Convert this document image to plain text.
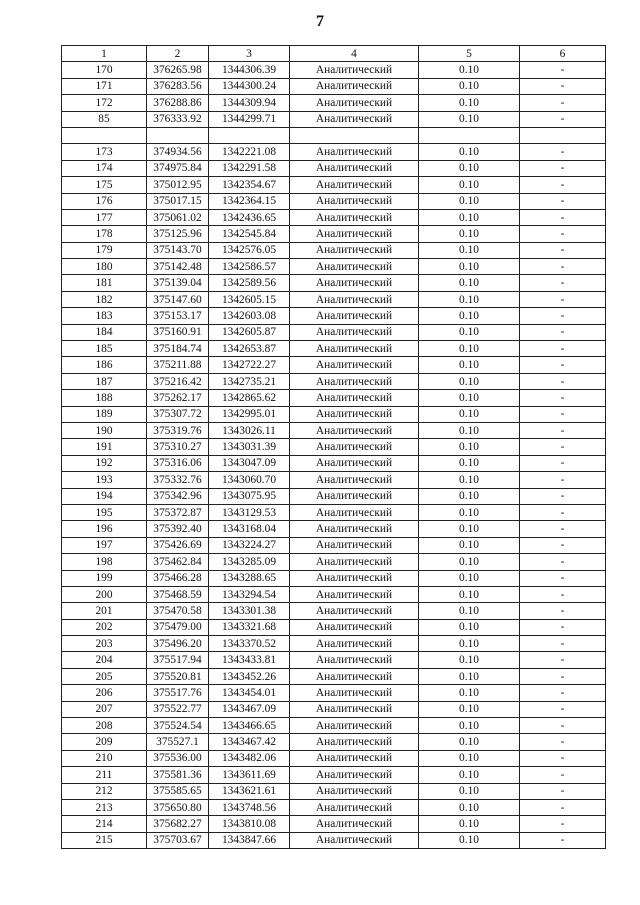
7
1	2	3	4	5	6
170	376265.98	1344306.39	Аналитический	0.10	-
171	376283.56	1344300.24	Аналитический	0.10	-
172	376288.86	1344309.94	Аналитический	0.10	-
85	376333.92	1344299.71	Аналитический	0.10	-

173	374934.56	1342221.08	Аналитический	0.10	-
174	374975.84	1342291.58	Аналитический	0.10	-
175	375012.95	1342354.67	Аналитический	0.10	-
176	375017.15	1342364.15	Аналитический	0.10	-
177	375061.02	1342436.65	Аналитический	0.10	-
178	375125.96	1342545.84	Аналитический	0.10	-
179	375143.70	1342576.05	Аналитический	0.10	-
180	375142.48	1342586.57	Аналитический	0.10	-
181	375139.04	1342589.56	Аналитический	0.10	-
182	375147.60	1342605.15	Аналитический	0.10	-
183	375153.17	1342603.08	Аналитический	0.10	-
184	375160.91	1342605.87	Аналитический	0.10	-
185	375184.74	1342653.87	Аналитический	0.10	-
186	375211.88	1342722.27	Аналитический	0.10	-
187	375216.42	1342735.21	Аналитический	0.10	-
188	375262.17	1342865.62	Аналитический	0.10	-
189	375307.72	1342995.01	Аналитический	0.10	-
190	375319.76	1343026.11	Аналитический	0.10	-
191	375310.27	1343031.39	Аналитический	0.10	-
192	375316.06	1343047.09	Аналитический	0.10	-
193	375332.76	1343060.70	Аналитический	0.10	-
194	375342.96	1343075.95	Аналитический	0.10	-
195	375372.87	1343129.53	Аналитический	0.10	-
196	375392.40	1343168.04	Аналитический	0.10	-
197	375426.69	1343224.27	Аналитический	0.10	-
198	375462.84	1343285.09	Аналитический	0.10	-
199	375466.28	1343288.65	Аналитический	0.10	-
200	375468.59	1343294.54	Аналитический	0.10	-
201	375470.58	1343301.38	Аналитический	0.10	-
202	375479.00	1343321.68	Аналитический	0.10	-
203	375496.20	1343370.52	Аналитический	0.10	-
204	375517.94	1343433.81	Аналитический	0.10	-
205	375520.81	1343452.26	Аналитический	0.10	-
206	375517.76	1343454.01	Аналитический	0.10	-
207	375522.77	1343467.09	Аналитический	0.10	-
208	375524.54	1343466.65	Аналитический	0.10	-
209	375527.1	1343467.42	Аналитический	0.10	-
210	375536.00	1343482.06	Аналитический	0.10	-
211	375581.36	1343611.69	Аналитический	0.10	-
212	375585.65	1343621.61	Аналитический	0.10	-
213	375650.80	1343748.56	Аналитический	0.10	-
214	375682.27	1343810.08	Аналитический	0.10	-
215	375703.67	1343847.66	Аналитический	0.10	-
